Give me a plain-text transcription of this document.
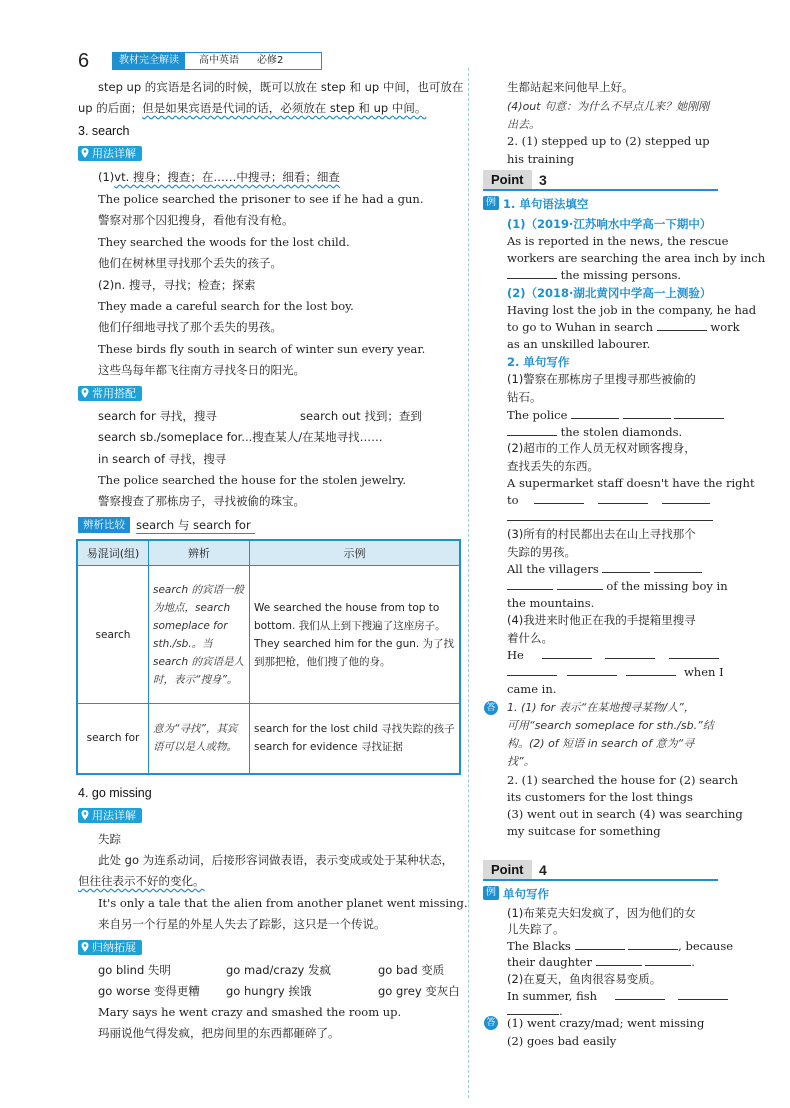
6	教材完全解读	高中英语 必修2
step up 的宾语是名词的时候，既可以放在 step 和 up 中间，也可放在
up 的后面；但是如果宾语是代词的话，必须放在 step 和 up 中间。
3. search
用法详解
(1)vt. 搜身；搜查；在……中搜寻；细看；细查
The police searched the prisoner to see if he had a gun.
警察对那个囚犯搜身，看他有没有枪。
They searched the woods for the lost child.
他们在树林里寻找那个丢失的孩子。
(2)n. 搜寻，寻找；检查；探索
They made a careful search for the lost boy.
他们仔细地寻找了那个丢失的男孩。
These birds fly south in search of winter sun every year.
这些鸟每年都飞往南方寻找冬日的阳光。
常用搭配
search for 寻找，搜寻	search out 找到；查到
search sb./someplace for...搜查某人/在某地寻找……
in search of 寻找，搜寻
The police searched the house for the stolen jewelry.
警察搜查了那栋房子，寻找被偷的珠宝。
辨析比较 search 与 search for
易混词(组)	辨析	示例
search	search 的宾语一般为地点，search someplace for sth./sb.。当 search 的宾语是人时，表示“搜身”。	We searched the house from top to bottom. 我们从上到下搜遍了这座房子。They searched him for the gun. 为了找到那把枪，他们搜了他的身。
search for	意为“寻找”，其宾语可以是人或物。	search for the lost child 寻找失踪的孩子 search for evidence 寻找证据
4. go missing
用法详解
失踪
此处 go 为连系动词，后接形容词做表语，表示变成或处于某种状态，
但往往表示不好的变化。
It's only a tale that the alien from another planet went missing.
来自另一个行星的外星人失去了踪影，这只是一个传说。
归纳拓展
go blind 失明	go mad/crazy 发疯	go bad 变质
go worse 变得更糟 go hungry 挨饿	go grey 变灰白
Mary says he went crazy and smashed the room up.
玛丽说他气得发疯，把房间里的东西都砸碎了。
生都站起来问他早上好。
(4)out 句意：为什么不早点儿来？她刚刚出去。
2. (1) stepped up to (2) stepped up his training
Point	3
例 1. 单句语法填空
(1)（2019·江苏响水中学高一下期中）
As is reported in the news, the rescue
workers are searching the area inch by inch
the missing persons.
(2)（2018·湖北黄冈中学高一上测验）
Having lost the job in the company, he had
to go to Wuhan in search	work
as an unskilled labourer.
2. 单句写作
(1)警察在那栋房子里搜寻那些被偷的
钻石。
The police
the stolen diamonds.
(2)超市的工作人员无权对顾客搜身，
查找丢失的东西。
A supermarket staff doesn't have the right
to
(3)所有的村民都出去在山上寻找那个
失踪的男孩。
All the villagers
of the missing boy in
the mountains.
(4)我进来时他正在我的手提箱里搜寻
着什么。
He
when I
came in.
答 1. (1) for 表示“在某地搜寻某物/人”，
可用“search someplace for sth./sb.”结
构。(2) of 短语 in search of 意为“寻
找”。
2. (1) searched the house for (2) search
its customers for the lost things
(3) went out in search (4) was searching
my suitcase for something
Point	4
例 单句写作
(1)布莱克夫妇发疯了，因为他们的女
儿失踪了。
The Blacks	, because
their daughter	.
(2)在夏天，鱼肉很容易变质。
In summer, fish
.
答 (1) went crazy/mad; went missing
(2) goes bad easily
